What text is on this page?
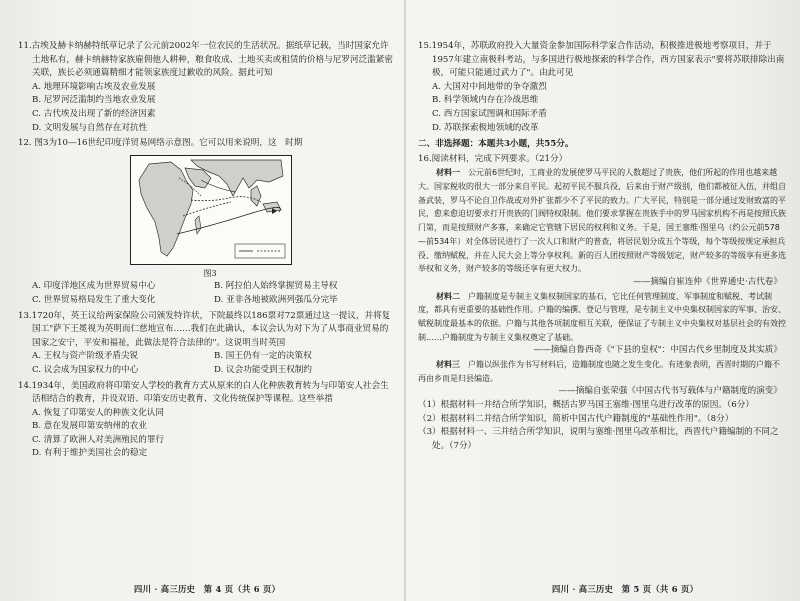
11.古埃及赫卡纳赫特纸草记录了公元前2002年一位农民的生活状况。据纸草记载，当时国家允许土地私有，赫卡纳赫特家族雇佣他人耕种，粮食收成、土地买卖或租赁的价格与尼罗河泛滥紧密关联，族长必须通篇精细才能领家族度过歉收的风险。据此可知
A. 地理环境影响古埃及农业发展
B. 尼罗河泛滥制约当地农业发展
C. 古代埃及出现了新的经济因素
D. 文明发展与自然存在对抗性
12. 图3为10—16世纪印度洋贸易网络示意图。它可以用来说明，这　时期
图3
A. 印度洋地区成为世界贸易中心	B. 阿拉伯人始终掌握贸易主导权
C. 世界贸易格局发生了重大变化	D. 亚非各地被欧洲列强瓜分完毕
13.1720年，英王议给两家保险公司颁发特许状，下院最终以186票对72票通过这一提议，并将复国工"萨下王冕视为英明而仁慈地宣布……我们在此确认，本议会认为对下为了从事商业贸易的国家之安宁，平安和福祉，此做法是符合法律的"。这说明当时英国
A. 王权与资产阶级矛盾尖锐	B. 国王仍有一定的决策权
C. 议会成为国家权力的中心	D. 议会功能受到王权制约
14.1934年，美国政府将印第安人学校的教育方式从原来的白人化种族教育转为与印第安人社会生活相结合的教育，并设双语、印第安历史教育、文化传统保护等课程。这些举措
A. 恢复了印第安人的种族文化认同
B. 意在发展印第安纳州的农业
C. 清算了欧洲人对美洲殖民的罪行
D. 有利于维护美国社会的稳定
四川 · 高三历史　第 4 页（共 6 页）
15.1954年，苏联政府投入大量资金参加国际科学家合作活动，积极推进极地考察项目，并于1957年建立南极科考站，与多国进行极地探索的科学合作，西方国家表示"要将苏联排除出南极，可能只能通过武力了"。由此可见
A. 大国对中间地带的争夺激烈
B. 科学领域内存在冷战思维
C. 西方国家试图调和国际矛盾
D. 苏联探索极地领域的改革
二、非选择题：本题共3小题，共55分。
16.阅读材料，完成下列要求。（21分）
材料一　 公元前6世纪时，工商业的发展使罗马平民的人数超过了贵族，他们所起的作用也越来越大。国家税收的很大一部分来自平民。起初平民不服兵役，后来由于财产级别，他们都被征入伍，并组自备武装，罗马不论自卫作战或对外扩张都少不了平民的致力。广大平民，特别是一部分通过发财致富的平民，愈来愈迫切要求打开贵族的门阀特权限制。他们要求掌握在贵族手中的罗马国家机构不再是按照氏族门第，而是按照财产多寡，来确定它管辖下居民的权利和义务。于是，国王塞维·图里乌（约公元前578—前534年）对全体居民进行了一次人口和财产的普查，将居民划分成五个等级，每个等级按规定承担兵役、缴纳赋税，并在人民大会上等分享权利。新的百人团按照财产等级划定，财产较多的等级享有更多选举权和义务，财产较多的等级还享有更大权力。
——摘编自崔连仲《世界通史·古代卷》
材料二　 户籍制度是专制主义集权制国家的基石，它比任何管理制度、军事制度和赋税、考试制度，都具有更重要的基础性作用。户籍的编撰、登记与管理，是专制主义中央集权制国家的军事、治安、赋税制度最基本的依据。户籍与其他各项制度相互关联，便保证了专制主义中央集权对基层社会的有效控制……户籍制度为专制主义集权奠定了基础。
——摘编自鲁西奇《"下县的皇权"：中国古代乡里制度及其实质》
材料三　 户籍以纵张作为书写材料后，造籍制度也随之发生变化。有迹象表明，西晋时期的户籍不再由乡而是归县编造。
——摘编自张荣强《中国古代书写载体与户籍制度的演变》
（1）根据材料一并结合所学知识，概括古罗马国王塞维·图里乌进行改革的原因。（6分）
（2）根据材料二并结合所学知识，简析中国古代户籍制度的"基础性作用"。（8分）
（3）根据材料一、三并结合所学知识，说明与塞维·图里乌改革相比，西晋代户籍编制的不同之处。（7分）
四川 · 高三历史　第 5 页（共 6 页）
